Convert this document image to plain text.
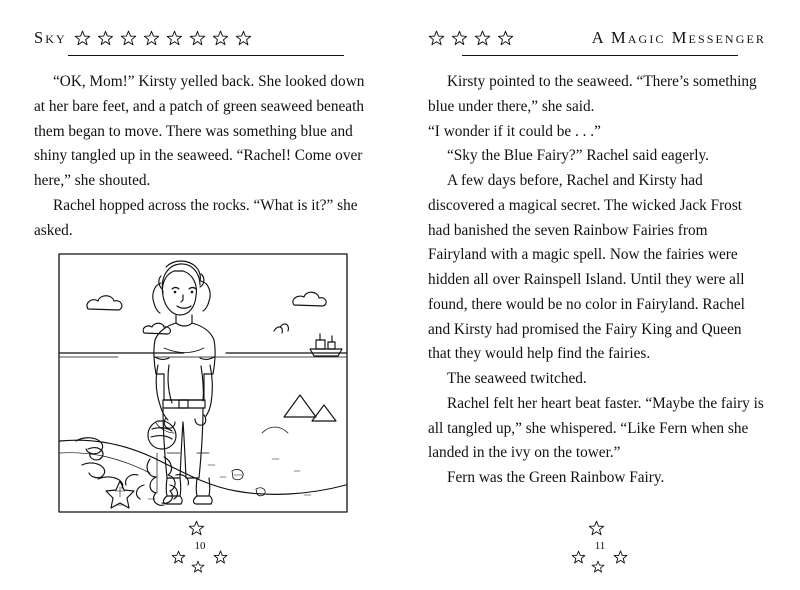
Sky

“OK, Mom!” Kirsty yelled back. She looked down at her bare feet, and a patch of green seaweed beneath them began to move. There was something blue and shiny tangled up in the seaweed. “Rachel! Come over here,” she shouted.

Rachel hopped across the rocks. “What is it?” she asked.

10
A Magic Messenger

Kirsty pointed to the seaweed. “There’s something blue under there,” she said.

“I wonder if it could be . . .”

“Sky the Blue Fairy?” Rachel said eagerly.

A few days before, Rachel and Kirsty had discovered a magical secret. The wicked Jack Frost had banished the seven Rainbow Fairies from Fairyland with a magic spell. Now the fairies were hidden all over Rainspell Island. Until they were all found, there would be no color in Fairyland. Rachel and Kirsty had promised the Fairy King and Queen that they would help find the fairies.

The seaweed twitched.

Rachel felt her heart beat faster. “Maybe the fairy is all tangled up,” she whispered. “Like Fern when she landed in the ivy on the tower.”

Fern was the Green Rainbow Fairy.

11
